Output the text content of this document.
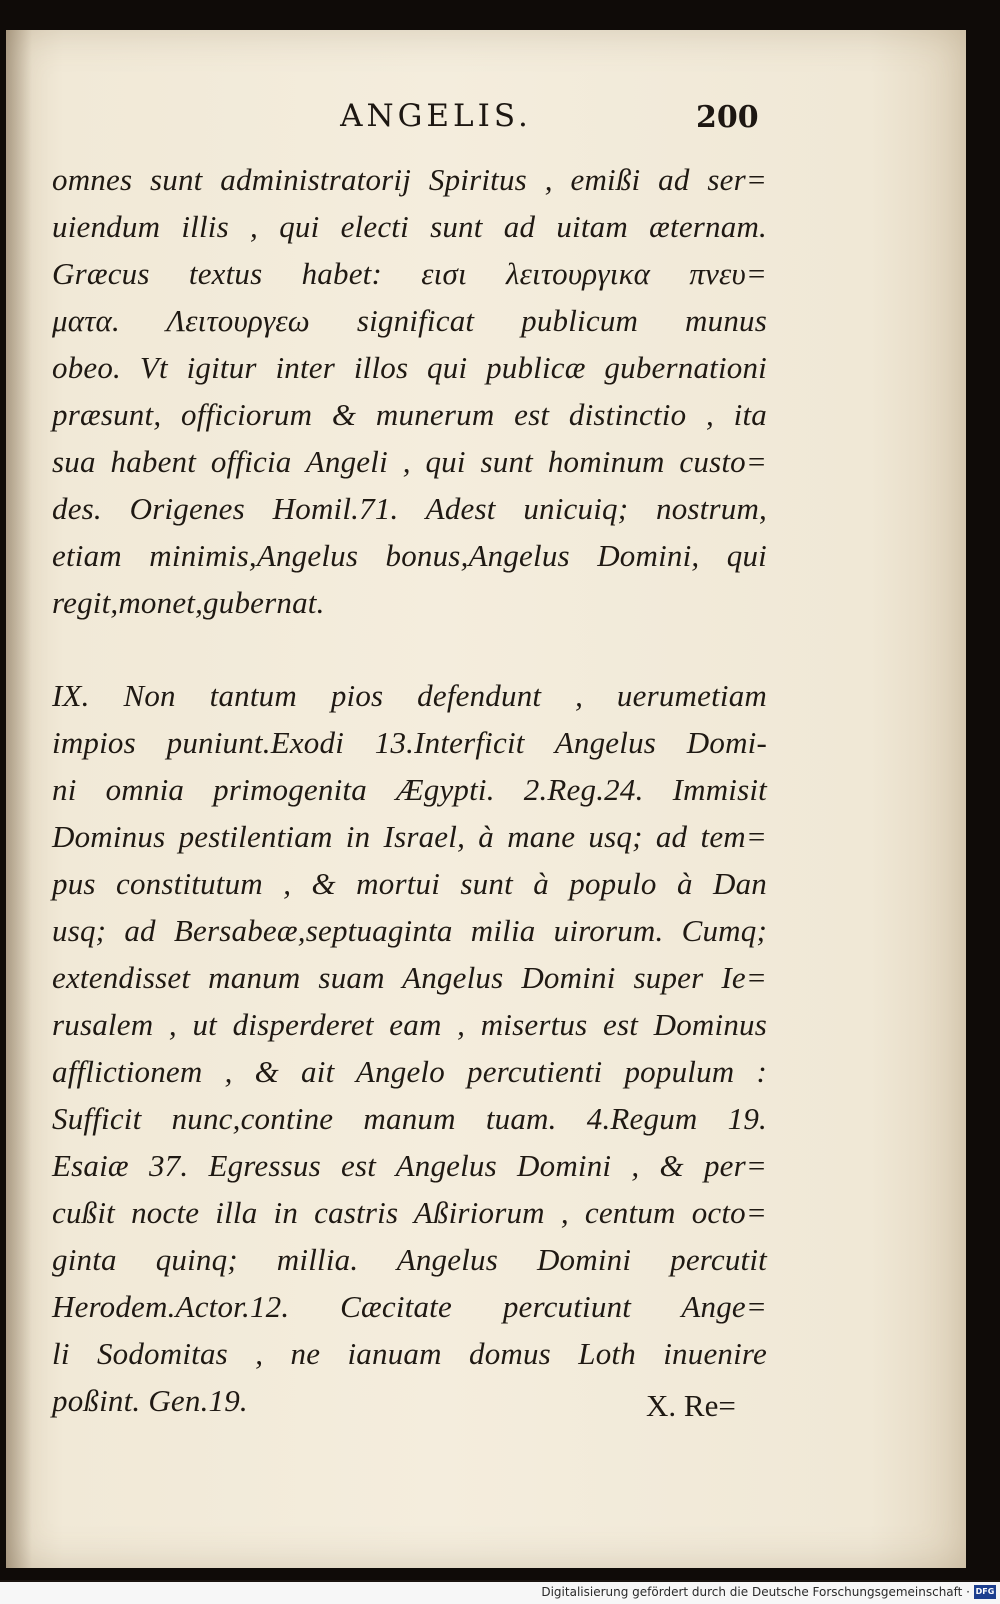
ANGELIS.	200
omnes sunt administratorij Spiritus , emißi ad ser=
uiendum illis , qui electi sunt ad uitam æternam.
Græcus textus habet: εισι λειτουργικα πνευ=
ματα. Λειτουργεω significat publicum munus
obeo. Vt igitur inter illos qui publicæ gubernationi
præsunt, officiorum & munerum est distinctio , ita
sua habent officia Angeli , qui sunt hominum custo=
des. Origenes Homil.71. Adest unicuiq; nostrum,
etiam minimis,Angelus bonus,Angelus Domini, qui
regit,monet,gubernat.
IX. Non tantum pios defendunt , uerumetiam
impios puniunt.Exodi 13.Interficit Angelus Domi-
ni omnia primogenita Ægypti. 2.Reg.24. Immisit
Dominus pestilentiam in Israel, à mane usq; ad tem=
pus constitutum , & mortui sunt à populo à Dan
usq; ad Bersabeæ,septuaginta milia uirorum. Cumq;
extendisset manum suam Angelus Domini super Ie=
rusalem , ut disperderet eam , misertus est Dominus
afflictionem , & ait Angelo percutienti populum :
Sufficit nunc,contine manum tuam. 4.Regum 19.
Esaiæ 37. Egressus est Angelus Domini , & per=
cußit nocte illa in castris Aßiriorum , centum octo=
ginta quinq; millia. Angelus Domini percutit
Herodem.Actor.12. Cæcitate percutiunt Ange=
li Sodomitas , ne ianuam domus Loth inuenire
poßint. Gen.19.	X. Re=
Digitalisierung gefördert durch die Deutsche Forschungsgemeinschaft · DFG
